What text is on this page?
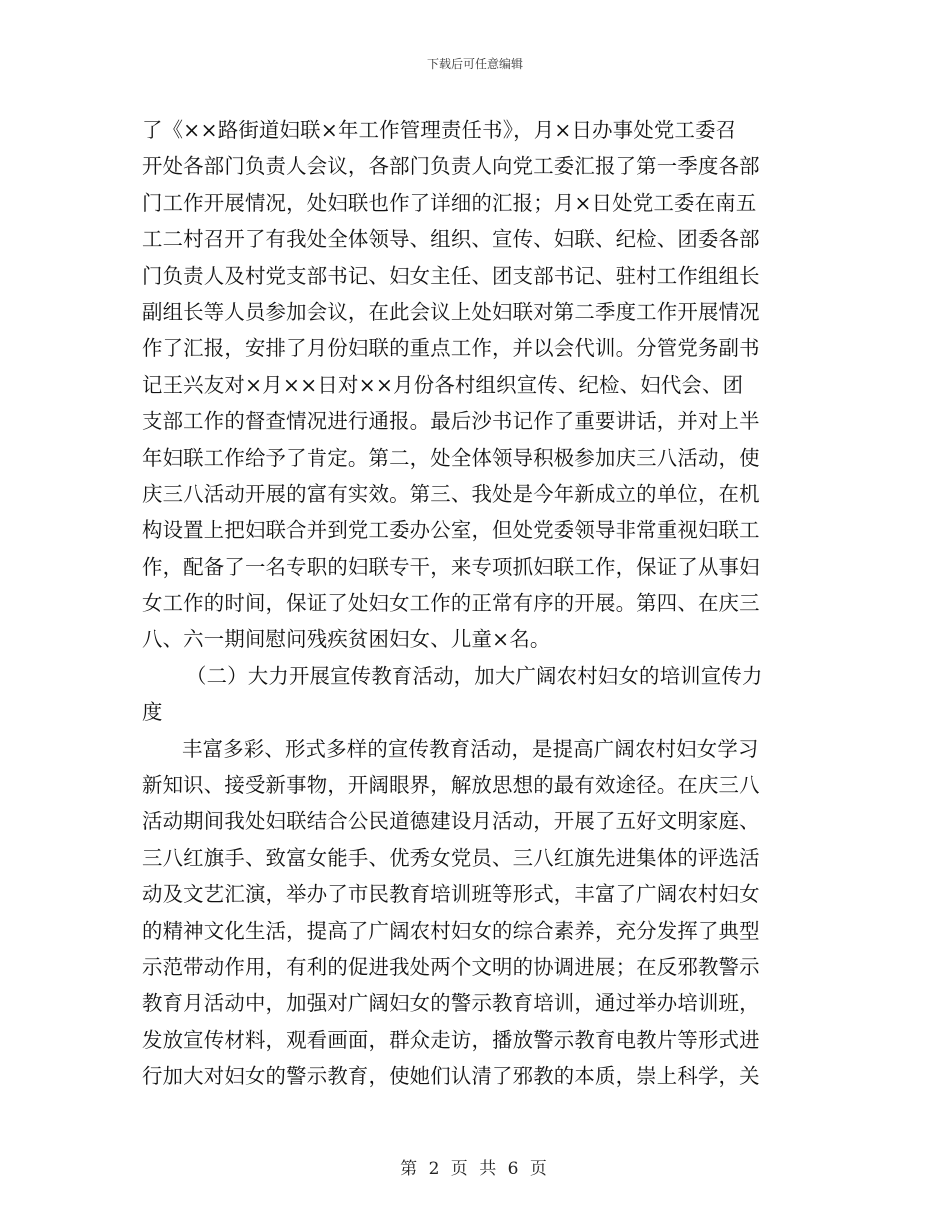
下载后可任意编辑
了《××路街道妇联×年工作管理责任书》，月×日办事处党工委召
开处各部门负责人会议，各部门负责人向党工委汇报了第一季度各部
门工作开展情况，处妇联也作了详细的汇报；月×日处党工委在南五
工二村召开了有我处全体领导、组织、宣传、妇联、纪检、团委各部
门负责人及村党支部书记、妇女主任、团支部书记、驻村工作组组长
副组长等人员参加会议，在此会议上处妇联对第二季度工作开展情况
作了汇报，安排了月份妇联的重点工作，并以会代训。分管党务副书
记王兴友对×月××日对××月份各村组织宣传、纪检、妇代会、团
支部工作的督查情况进行通报。最后沙书记作了重要讲话，并对上半
年妇联工作给予了肯定。第二，处全体领导积极参加庆三八活动，使
庆三八活动开展的富有实效。第三、我处是今年新成立的单位，在机
构设置上把妇联合并到党工委办公室，但处党委领导非常重视妇联工
作，配备了一名专职的妇联专干，来专项抓妇联工作，保证了从事妇
女工作的时间，保证了处妇女工作的正常有序的开展。第四、在庆三
八、六一期间慰问残疾贫困妇女、儿童×名。
（二）大力开展宣传教育活动，加大广阔农村妇女的培训宣传力
度
丰富多彩、形式多样的宣传教育活动，是提高广阔农村妇女学习
新知识、接受新事物，开阔眼界，解放思想的最有效途径。在庆三八
活动期间我处妇联结合公民道德建设月活动，开展了五好文明家庭、
三八红旗手、致富女能手、优秀女党员、三八红旗先进集体的评选活
动及文艺汇演，举办了市民教育培训班等形式，丰富了广阔农村妇女
的精神文化生活，提高了广阔农村妇女的综合素养，充分发挥了典型
示范带动作用，有利的促进我处两个文明的协调进展；在反邪教警示
教育月活动中，加强对广阔妇女的警示教育培训，通过举办培训班，
发放宣传材料，观看画面，群众走访，播放警示教育电教片等形式进
行加大对妇女的警示教育，使她们认清了邪教的本质，崇上科学，关
第 2 页 共 6 页
